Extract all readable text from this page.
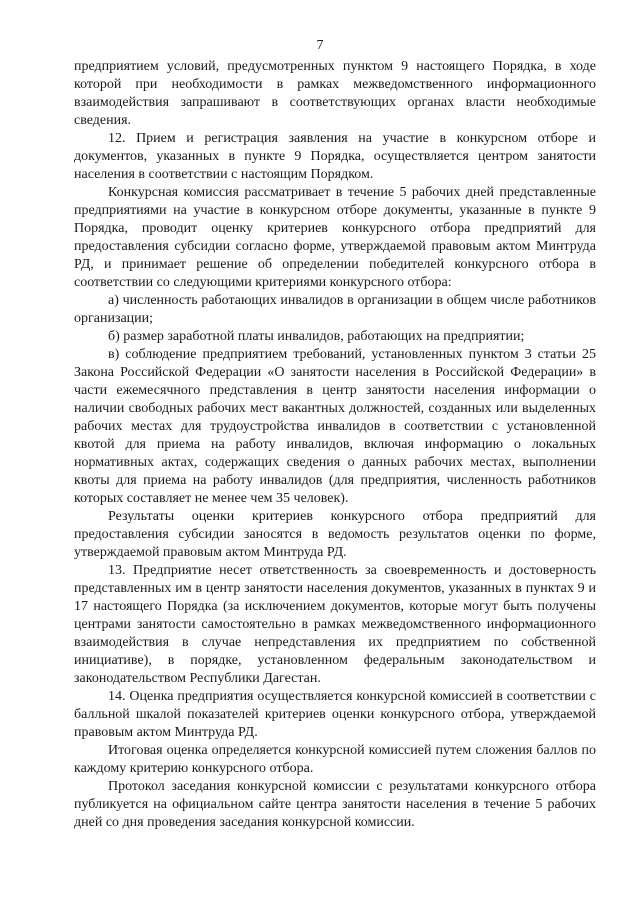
7

предприятием условий, предусмотренных пунктом 9 настоящего Порядка, в ходе которой при необходимости в рамках межведомственного информационного взаимодействия запрашивают в соответствующих органах власти необходимые сведения.

12. Прием и регистрация заявления на участие в конкурсном отборе и документов, указанных в пункте 9 Порядка, осуществляется центром занятости населения в соответствии с настоящим Порядком.

Конкурсная комиссия рассматривает в течение 5 рабочих дней представленные предприятиями на участие в конкурсном отборе документы, указанные в пункте 9 Порядка, проводит оценку критериев конкурсного отбора предприятий для предоставления субсидии согласно форме, утверждаемой правовым актом Минтруда РД, и принимает решение об определении победителей конкурсного отбора в соответствии со следующими критериями конкурсного отбора:

а) численность работающих инвалидов в организации в общем числе работников организации;

б) размер заработной платы инвалидов, работающих на предприятии;

в) соблюдение предприятием требований, установленных пунктом 3 статьи 25 Закона Российской Федерации «О занятости населения в Российской Федерации» в части ежемесячного представления в центр занятости населения информации о наличии свободных рабочих мест вакантных должностей, созданных или выделенных рабочих местах для трудоустройства инвалидов в соответствии с установленной квотой для приема на работу инвалидов, включая информацию о локальных нормативных актах, содержащих сведения о данных рабочих местах, выполнении квоты для приема на работу инвалидов (для предприятия, численность работников которых составляет не менее чем 35 человек).

Результаты оценки критериев конкурсного отбора предприятий для предоставления субсидии заносятся в ведомость результатов оценки по форме, утверждаемой правовым актом Минтруда РД.

13. Предприятие несет ответственность за своевременность и достоверность представленных им в центр занятости населения документов, указанных в пунктах 9 и 17 настоящего Порядка (за исключением документов, которые могут быть получены центрами занятости самостоятельно в рамках межведомственного информационного взаимодействия в случае непредставления их предприятием по собственной инициативе), в порядке, установленном федеральным законодательством и законодательством Республики Дагестан.

14. Оценка предприятия осуществляется конкурсной комиссией в соответствии с балльной шкалой показателей критериев оценки конкурсного отбора, утверждаемой правовым актом Минтруда РД.

Итоговая оценка определяется конкурсной комиссией путем сложения баллов по каждому критерию конкурсного отбора.

Протокол заседания конкурсной комиссии с результатами конкурсного отбора публикуется на официальном сайте центра занятости населения в течение 5 рабочих дней со дня проведения заседания конкурсной комиссии.
